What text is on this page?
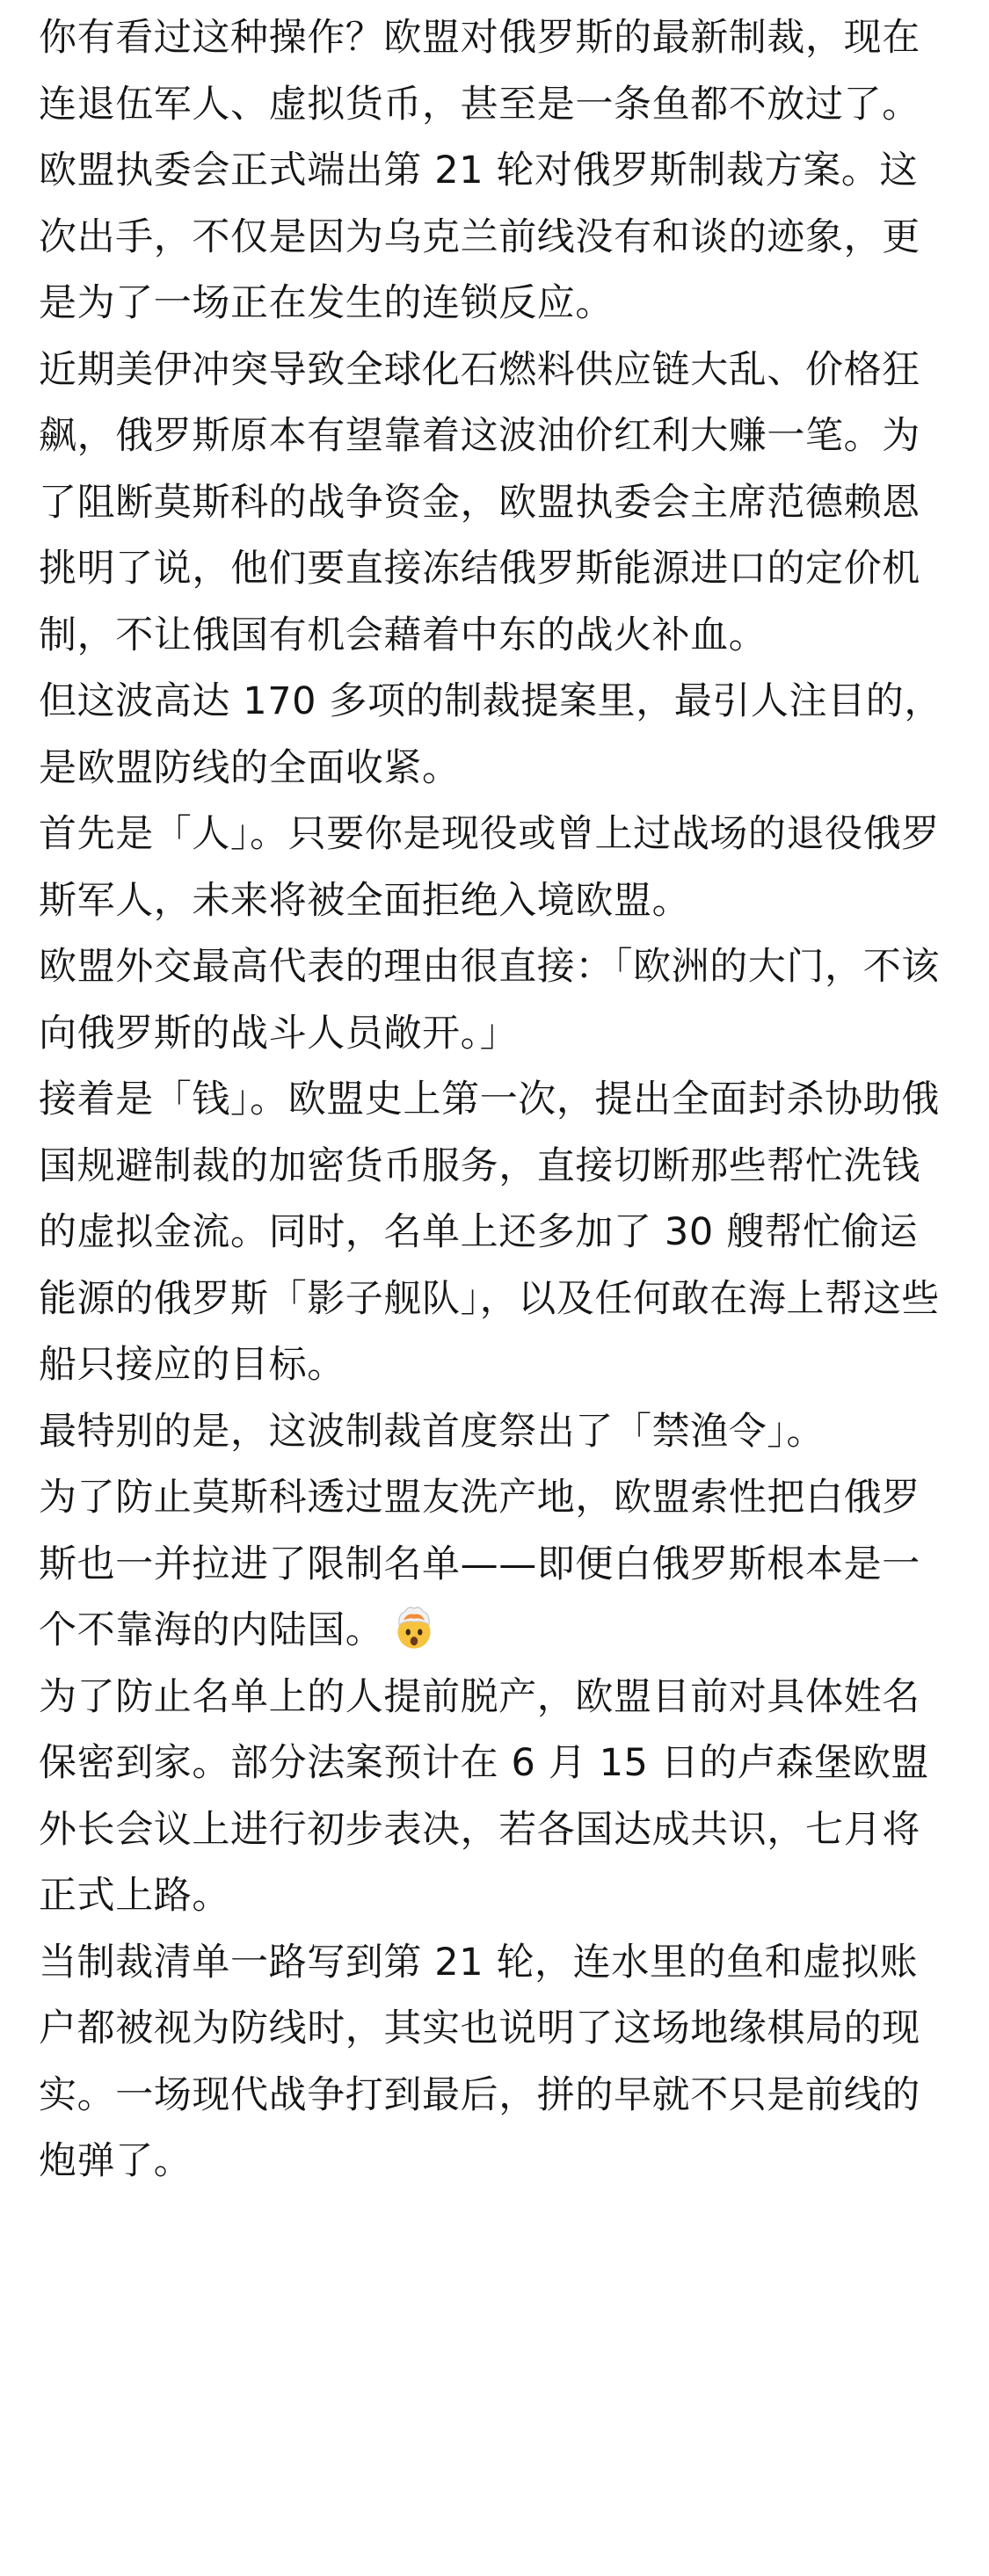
你有看过这种操作？欧盟对俄罗斯的最新制裁，现在连退伍军人、虚拟货币，甚至是一条鱼都不放过了。

欧盟执委会正式端出第 21 轮对俄罗斯制裁方案。这次出手，不仅是因为乌克兰前线没有和谈的迹象，更是为了一场正在发生的连锁反应。

近期美伊冲突导致全球化石燃料供应链大乱、价格狂飙，俄罗斯原本有望靠着这波油价红利大赚一笔。为了阻断莫斯科的战争资金，欧盟执委会主席范德赖恩挑明了说，他们要直接冻结俄罗斯能源进口的定价机制，不让俄国有机会藉着中东的战火补血。

但这波高达 170 多项的制裁提案里，最引人注目的，是欧盟防线的全面收紧。

首先是「人」。只要你是现役或曾上过战场的退役俄罗斯军人，未来将被全面拒绝入境欧盟。

欧盟外交最高代表的理由很直接：「欧洲的大门，不该向俄罗斯的战斗人员敞开。」

接着是「钱」。欧盟史上第一次，提出全面封杀协助俄国规避制裁的加密货币服务，直接切断那些帮忙洗钱的虚拟金流。同时，名单上还多加了 30 艘帮忙偷运能源的俄罗斯「影子舰队」，以及任何敢在海上帮这些船只接应的目标。

最特别的是，这波制裁首度祭出了「禁渔令」。

为了防止莫斯科透过盟友洗产地，欧盟索性把白俄罗斯也一并拉进了限制名单——即便白俄罗斯根本是一个不靠海的内陆国。

为了防止名单上的人提前脱产，欧盟目前对具体姓名保密到家。部分法案预计在 6 月 15 日的卢森堡欧盟外长会议上进行初步表决，若各国达成共识，七月将正式上路。

当制裁清单一路写到第 21 轮，连水里的鱼和虚拟账户都被视为防线时，其实也说明了这场地缘棋局的现实。一场现代战争打到最后，拼的早就不只是前线的炮弹了。
